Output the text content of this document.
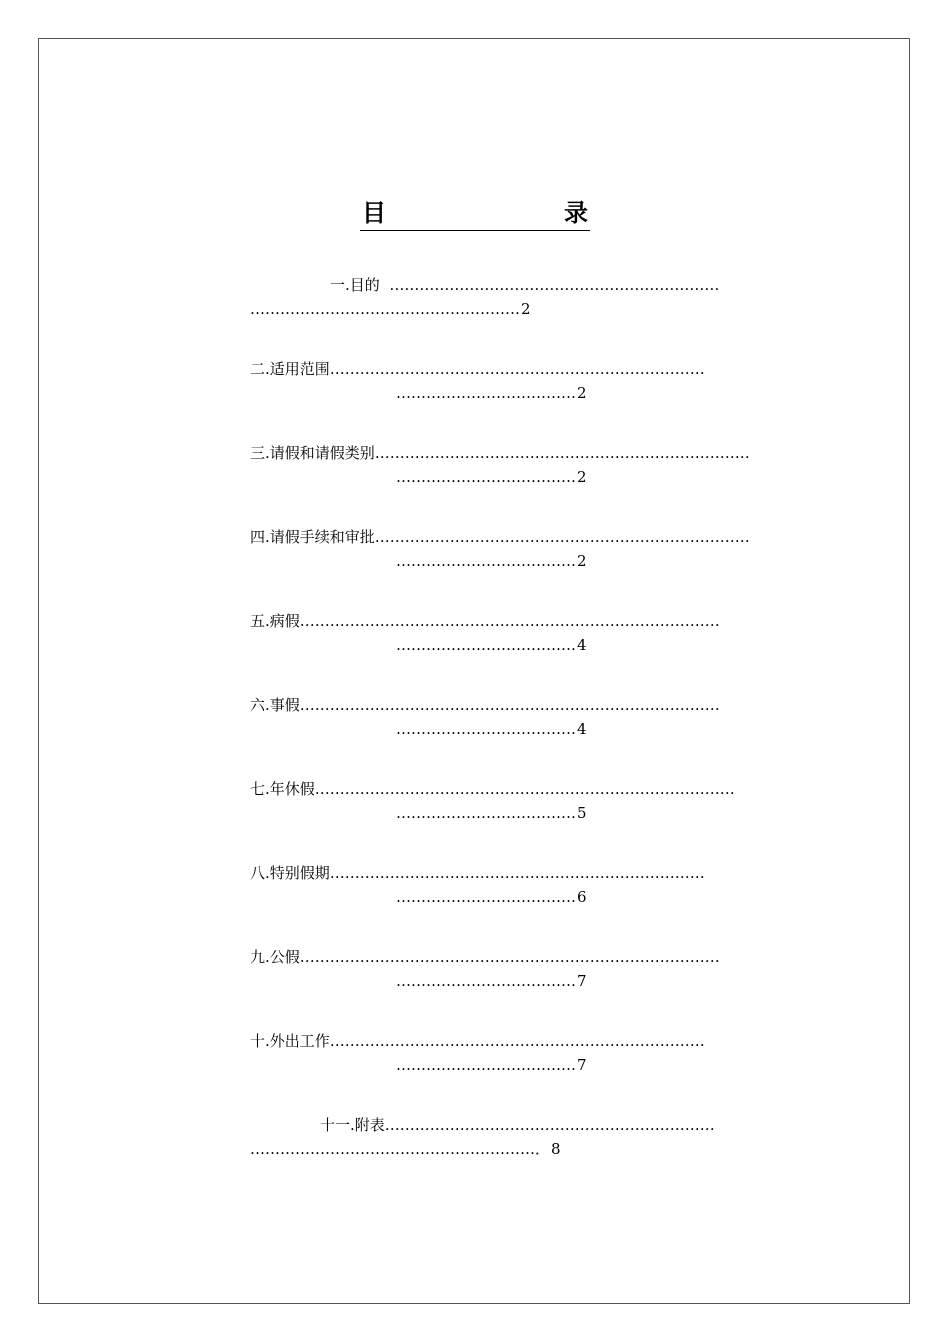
目	录
一.目的  …………………………………………………………
………………………………………………2
二.适用范围…………………………………………………………………
………………………………2
三.请假和请假类别…………………………………………………………………
………………………………2
四.请假手续和审批…………………………………………………………………
………………………………2
五.病假…………………………………………………………………………
………………………………4
六.事假…………………………………………………………………………
………………………………4
七.年休假…………………………………………………………………………
………………………………5
八.特别假期…………………………………………………………………
………………………………6
九.公假…………………………………………………………………………
………………………………7
十.外出工作…………………………………………………………………
………………………………7
十一.附表…………………………………………………………
…………………………………………………．8
